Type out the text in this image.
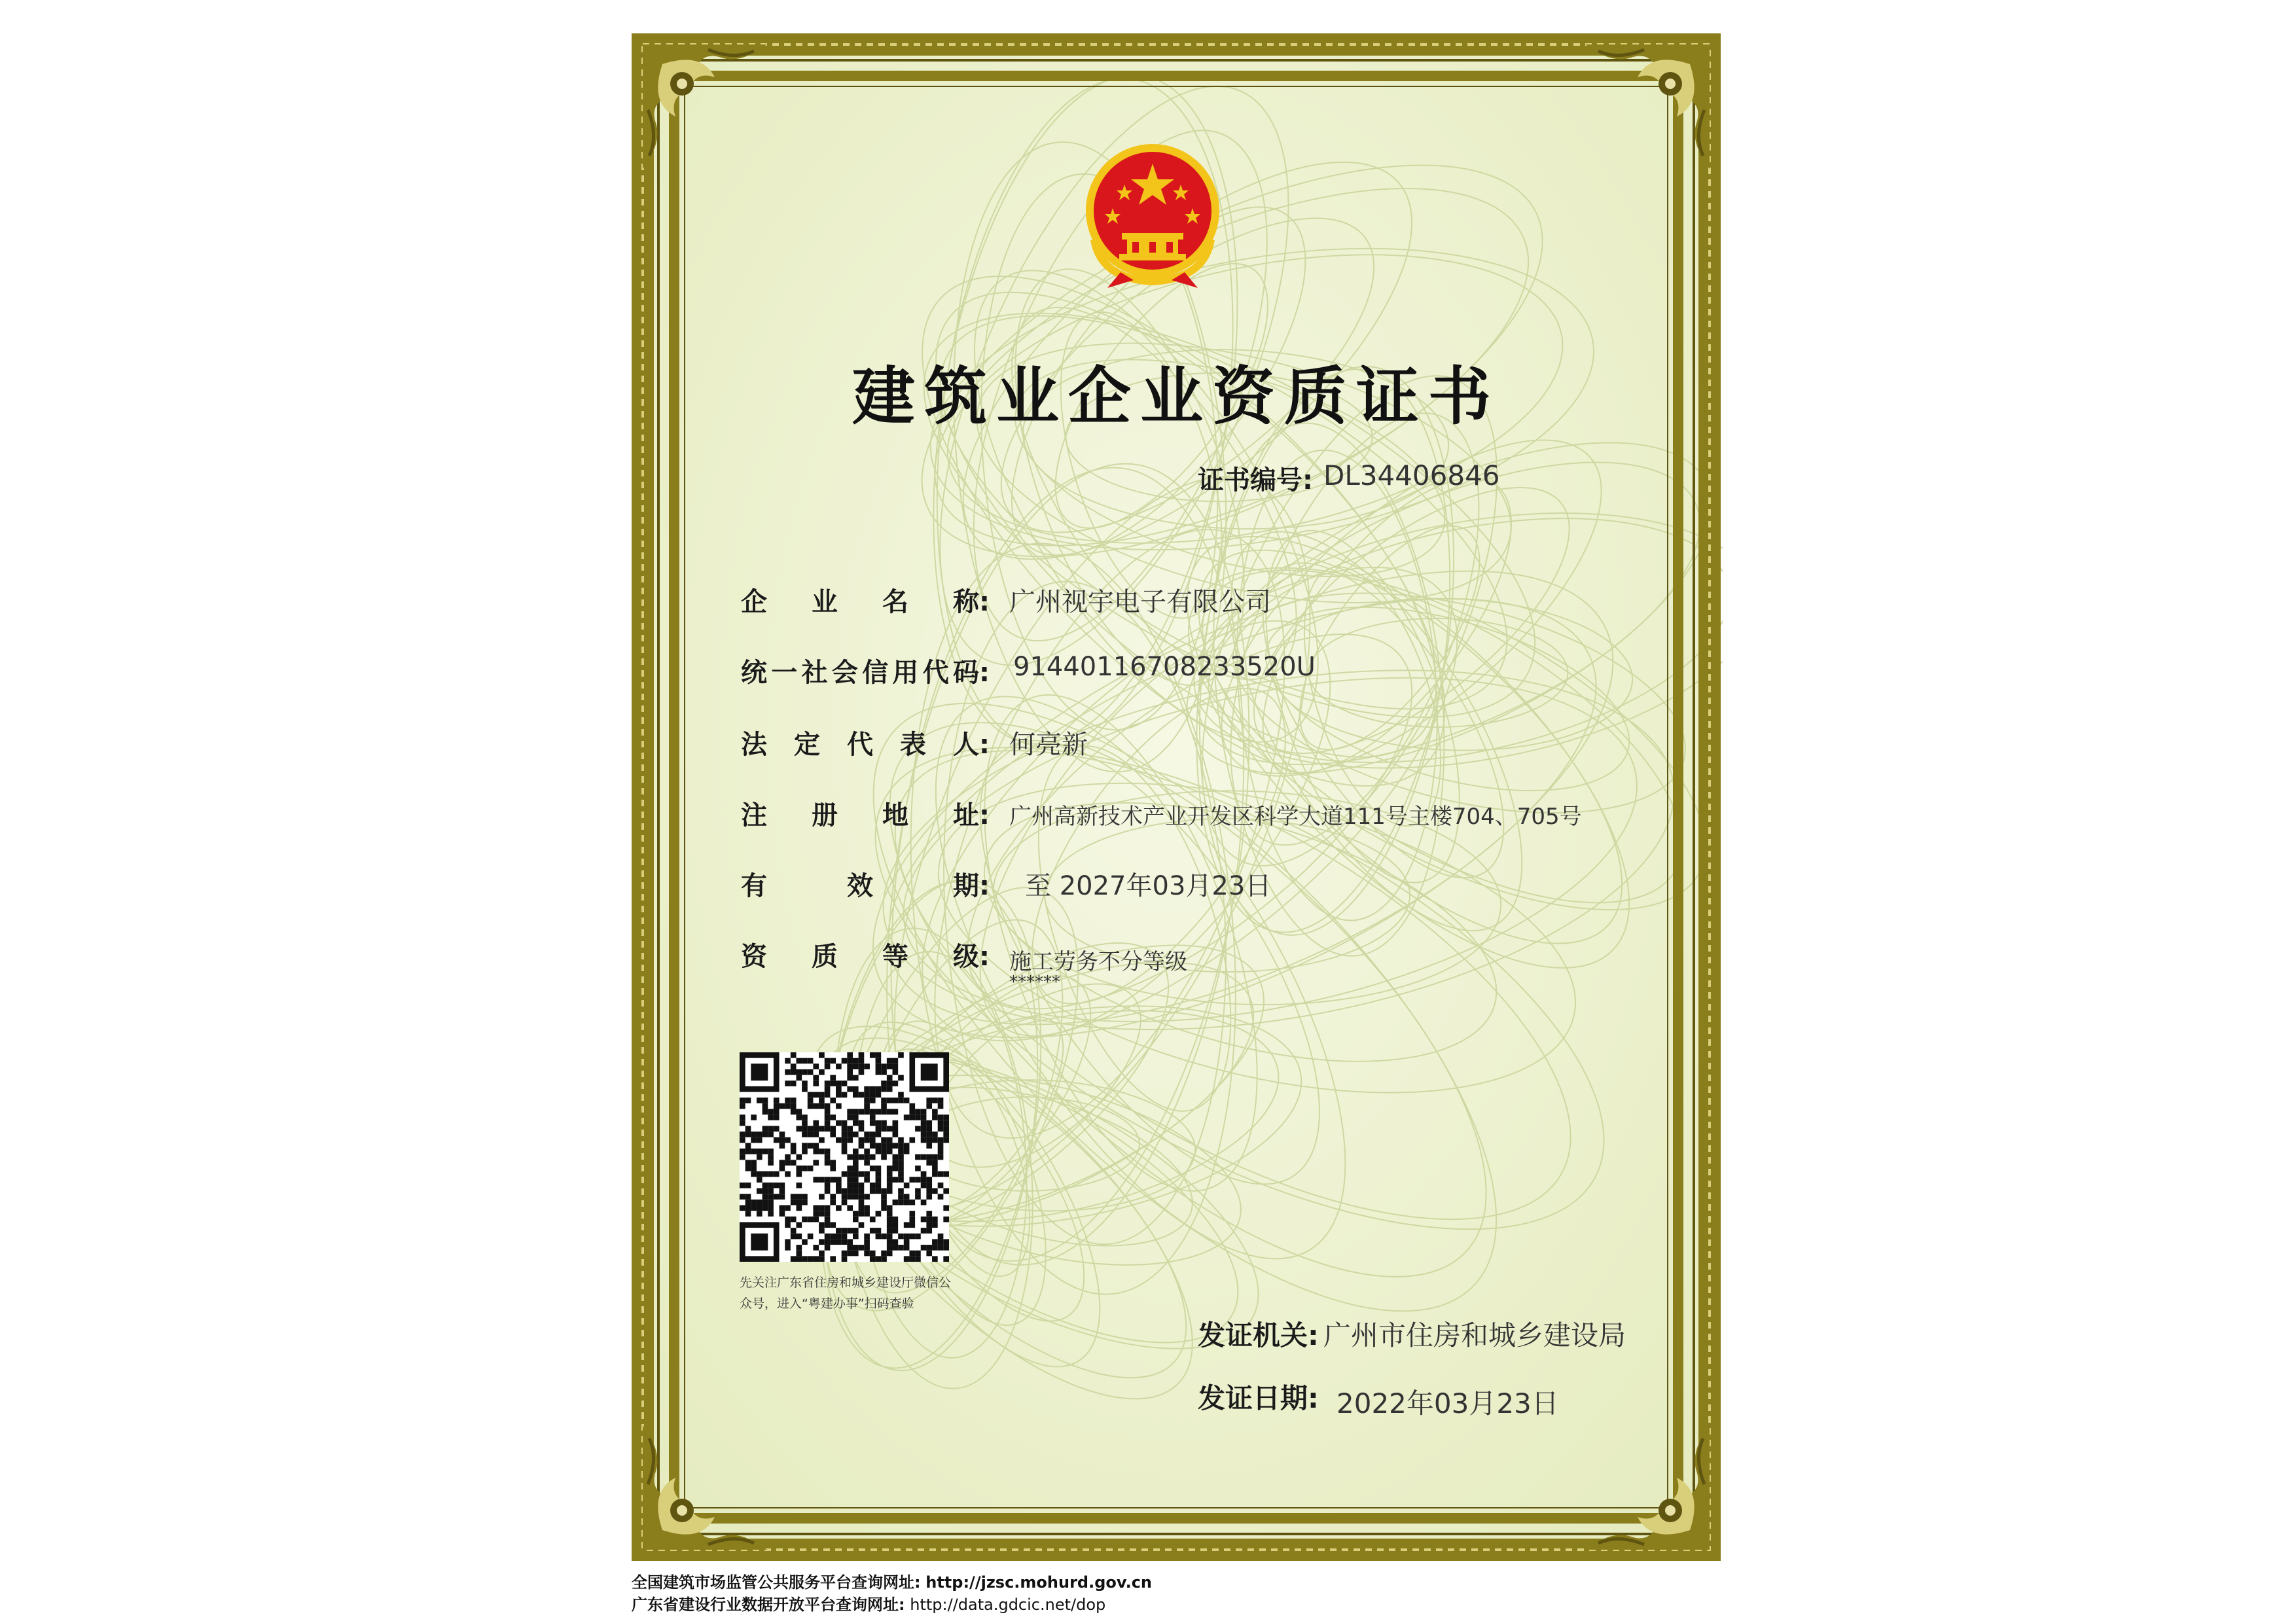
建筑业企业资质证书
证书编号: DL34406846
企 业 名 称: 广州视宇电子有限公司
统 一 社 会 信 用 代 码: 91440116708233520U
法 定 代 表 人: 何亮新
注 册 地 址: 广州高新技术产业开发区科学大道111号主楼704、705号
有	效	期: 至 2027年03月23日
资 质 等 级: 施工劳务不分等级
******
先关注广东省住房和城乡建设厅微信公众号，进入“粤建办事”扫码查验
发证机关: 广州市住房和城乡建设局
发证日期: 2022年03月23日
全国建筑市场监管公共服务平台查询网址: http://jzsc.mohurd.gov.cn
广东省建设行业数据开放平台查询网址: http://data.gdcic.net/dop
